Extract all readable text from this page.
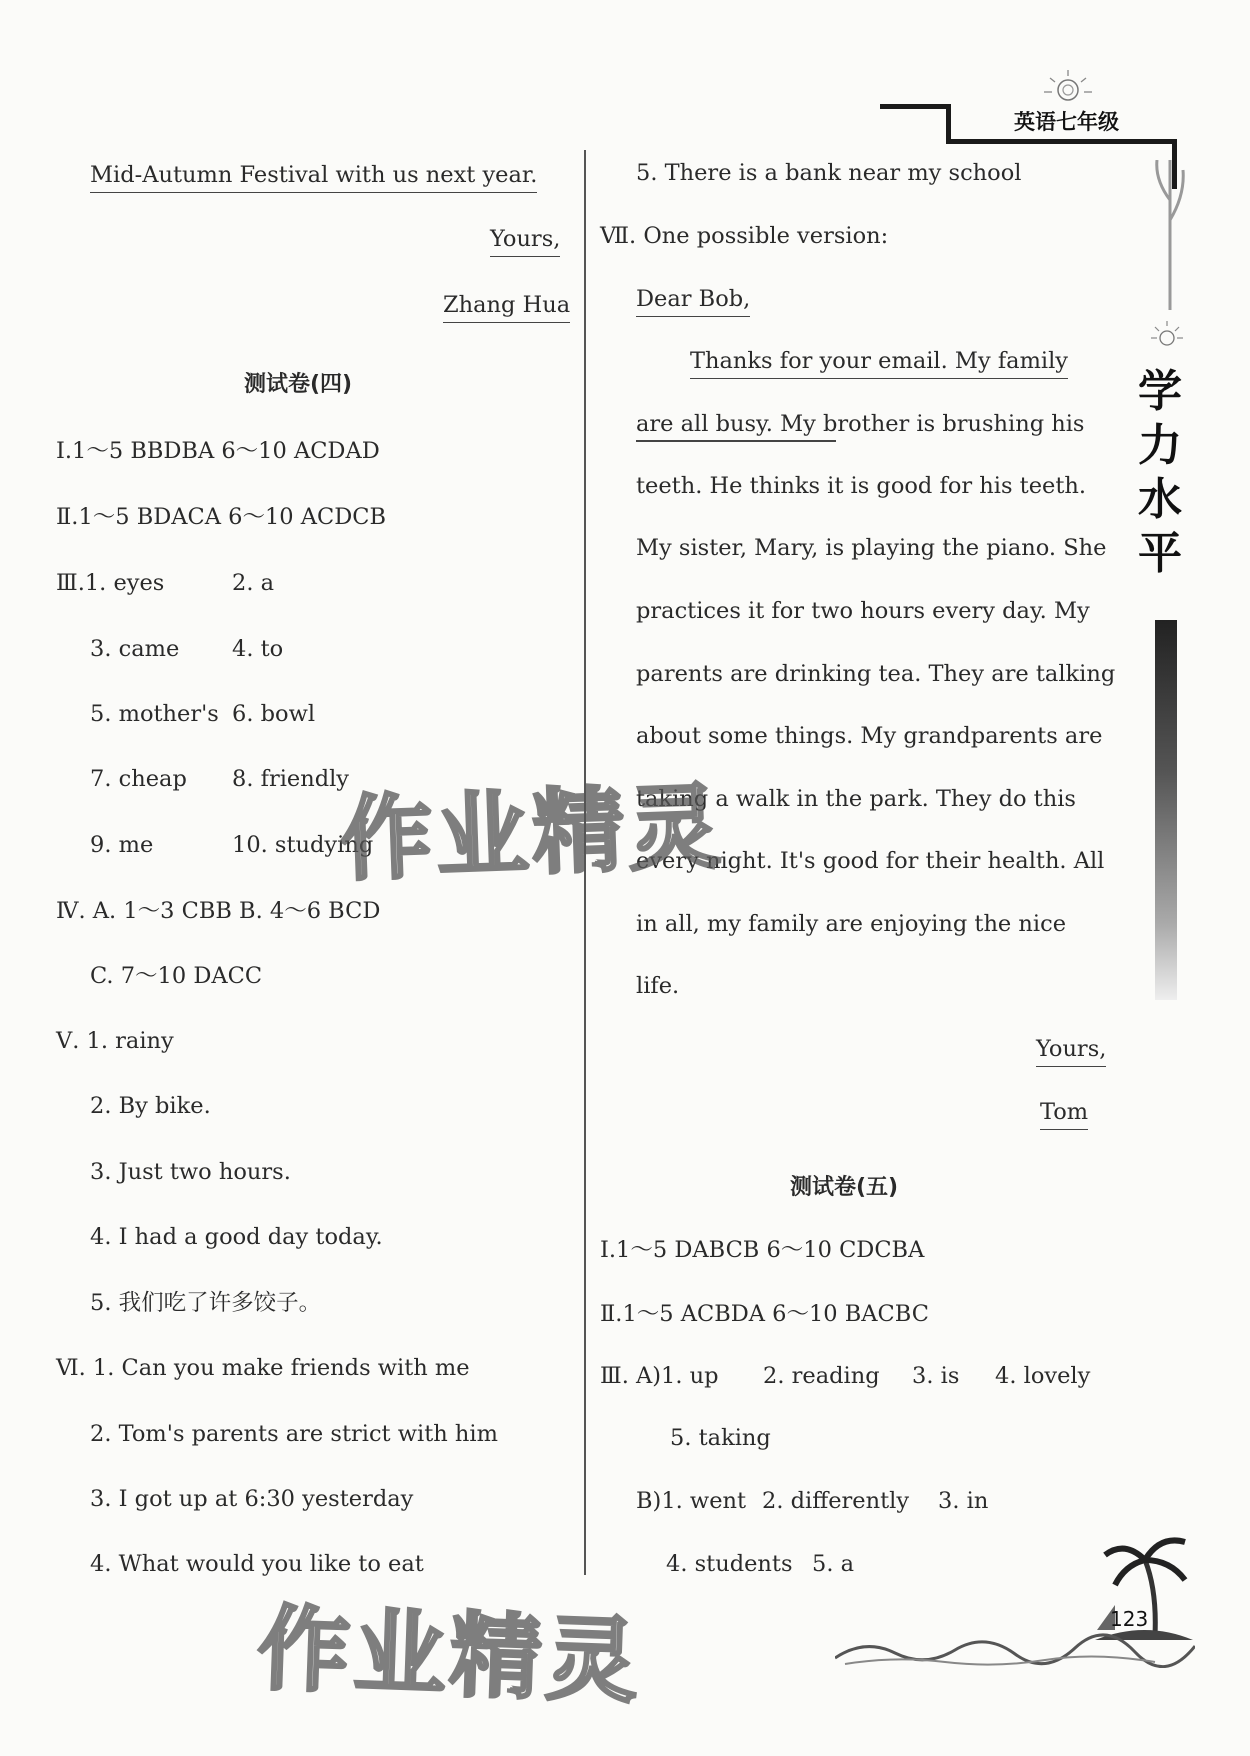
英语七年级
学力水平
Mid-Autumn Festival with us next year.
Yours,
Zhang Hua
测试卷(四)
Ⅰ.1～5 BBDBA 6～10 ACDAD
Ⅱ.1～5 BDACA 6～10 ACDCB
Ⅲ.1. eyes	2. a
3. came 4. to
5. mother's 6. bowl
7. cheap 8. friendly
9. me	10. studying
Ⅳ. A. 1～3 CBB B. 4～6 BCD
C. 7～10 DACC
Ⅴ. 1. rainy
2. By bike.
3. Just two hours.
4. I had a good day today.
5. 我们吃了许多饺子。
Ⅵ. 1. Can you make friends with me
2. Tom's parents are strict with him
3. I got up at 6:30 yesterday
4. What would you like to eat
5. There is a bank near my school
Ⅶ. One possible version:
Dear Bob,
Thanks for your email. My family
are all busy. My brother is brushing his
teeth. He thinks it is good for his teeth.
My sister, Mary, is playing the piano. She
practices it for two hours every day. My
parents are drinking tea. They are talking
about some things. My grandparents are
taking a walk in the park. They do this
every night. It's good for their health. All
in all, my family are enjoying the nice
life.
Yours,
Tom
测试卷(五)
Ⅰ.1～5 DABCB 6～10 CDCBA
Ⅱ.1～5 ACBDA 6～10 BACBC
Ⅲ. A)1. up 2. reading 3. is 4. lovely
5. taking
B)1. went 2. differently 3. in
4. students 5. a
作业精灵
作业精灵	123
